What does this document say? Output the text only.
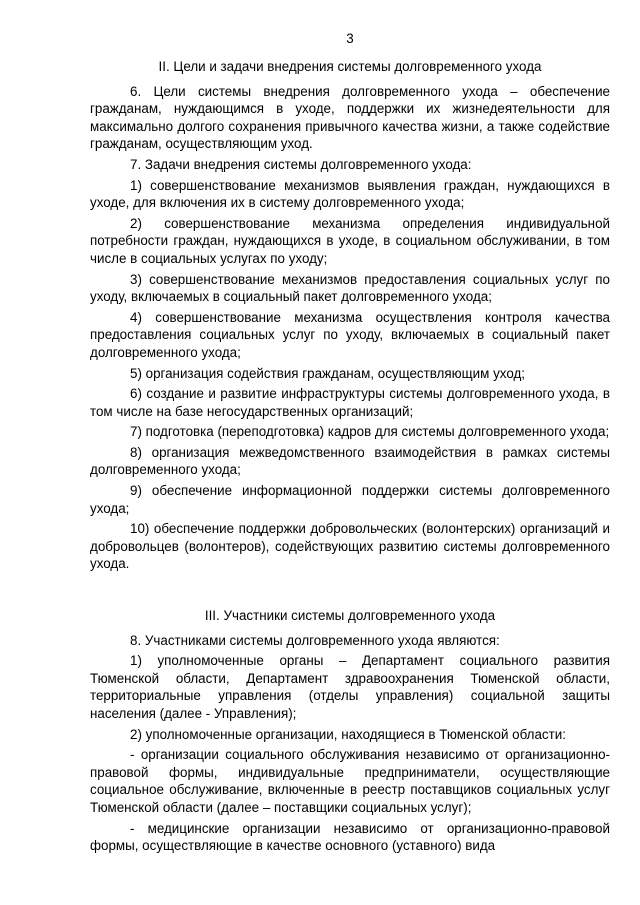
3
II. Цели и задачи внедрения системы долговременного ухода
6. Цели системы внедрения долговременного ухода – обеспечение гражданам, нуждающимся в уходе, поддержки их жизнедеятельности для максимально долгого сохранения привычного качества жизни, а также содействие гражданам, осуществляющим уход.
7. Задачи внедрения системы долговременного ухода:
1) совершенствование механизмов выявления граждан, нуждающихся в уходе, для включения их в систему долговременного ухода;
2) совершенствование механизма определения индивидуальной потребности граждан, нуждающихся в уходе, в социальном обслуживании, в том числе в социальных услугах по уходу;
3) совершенствование механизмов предоставления социальных услуг по уходу, включаемых в социальный пакет долговременного ухода;
4) совершенствование механизма осуществления контроля качества предоставления социальных услуг по уходу, включаемых в социальный пакет долговременного ухода;
5) организация содействия гражданам, осуществляющим уход;
6) создание и развитие инфраструктуры системы долговременного ухода, в том числе на базе негосударственных организаций;
7) подготовка (переподготовка) кадров для системы долговременного ухода;
8) организация межведомственного взаимодействия в рамках системы долговременного ухода;
9) обеспечение информационной поддержки системы долговременного ухода;
10) обеспечение поддержки добровольческих (волонтерских) организаций и добровольцев (волонтеров), содействующих развитию системы долговременного ухода.
III. Участники системы долговременного ухода
8. Участниками системы долговременного ухода являются:
1) уполномоченные органы – Департамент социального развития Тюменской области, Департамент здравоохранения Тюменской области, территориальные управления (отделы управления) социальной защиты населения (далее - Управления);
2) уполномоченные организации, находящиеся в Тюменской области:
- организации социального обслуживания независимо от организационно-правовой формы, индивидуальные предприниматели, осуществляющие социальное обслуживание, включенные в реестр поставщиков социальных услуг Тюменской области (далее – поставщики социальных услуг);
- медицинские организации независимо от организационно-правовой формы, осуществляющие в качестве основного (уставного) вида
